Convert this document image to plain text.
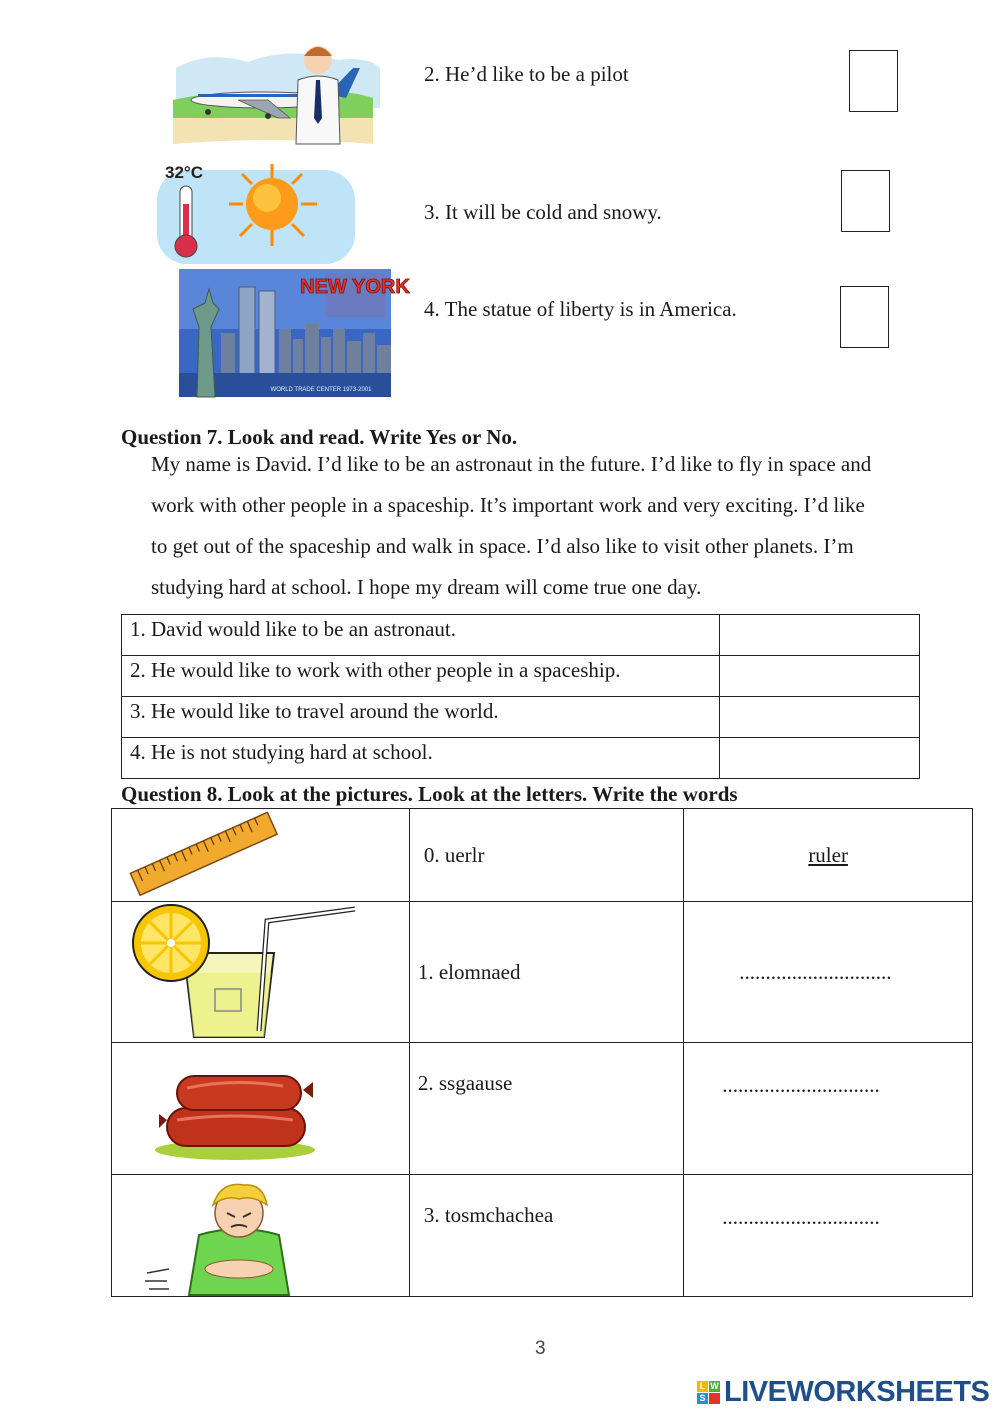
2. He’d like to be a pilot
32°C
3. It will be cold and snowy.
NEW YORK
WORLD TRADE CENTER 1973-2001
4. The statue of liberty is in America.
Question 7. Look and read. Write Yes or No.
My name is David. I’d like to be an astronaut in the future. I’d like to fly in space and
work with other people in a spaceship. It’s important work and very exciting. I’d like
to get out of the spaceship and walk in space. I’d also like to visit other planets. I’m
studying hard at school. I hope my dream will come true one day.
1. David would like to be an astronaut.	
2. He would like to work with other people in a spaceship.	
3. He would like to travel around the world.	
4. He is not studying hard at school.	
Question 8. Look at the pictures. Look at the letters. Write the words
	0. uerlr	ruler

	1. elomnaed	.............................

	2. ssgaause	..............................

	3. tosmchachea	..............................
3
L W
S LIVEWORKSHEETS
